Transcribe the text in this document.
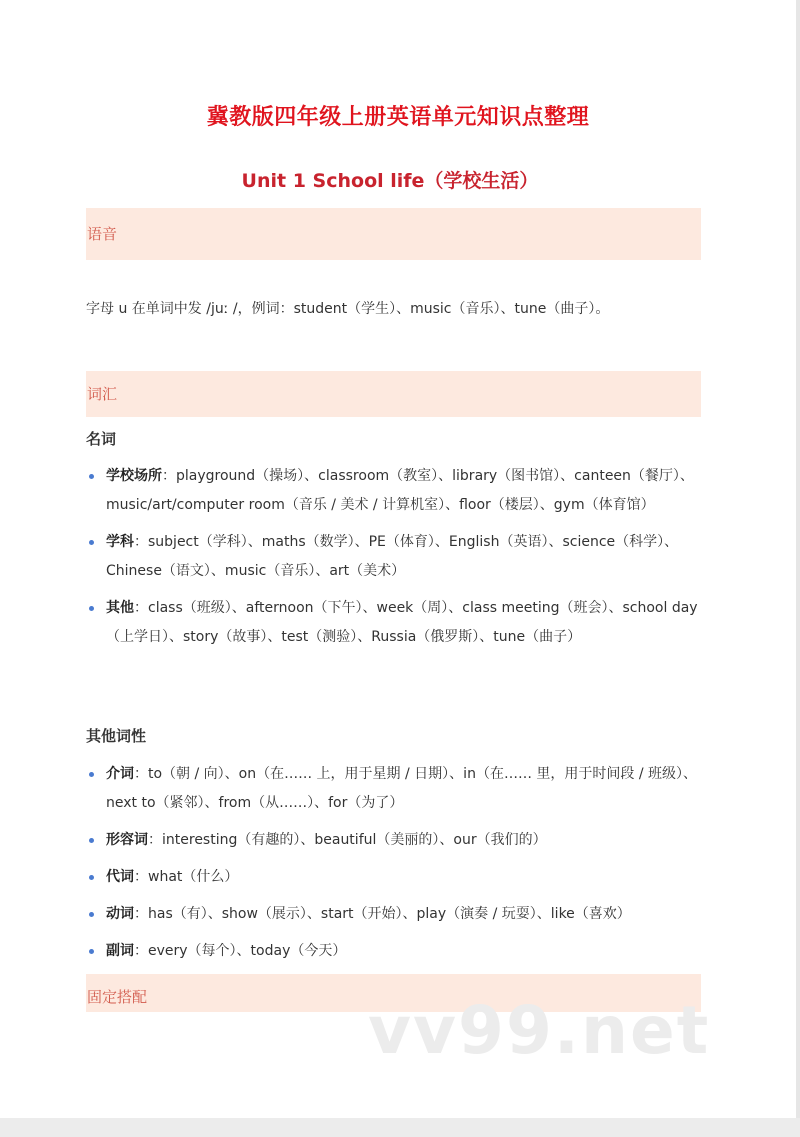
冀教版四年级上册英语单元知识点整理
Unit 1 School life（学校生活）
语音
字母 u 在单词中发 /juː /，例词：student（学生）、music（音乐）、tune（曲子）。
词汇
名词
学校场所：playground（操场）、classroom（教室）、library（图书馆）、canteen（餐厅）、music/art/computer room（音乐 / 美术 / 计算机室）、floor（楼层）、gym（体育馆）
学科：subject（学科）、maths（数学）、PE（体育）、English（英语）、science（科学）、Chinese（语文）、music（音乐）、art（美术）
其他：class（班级）、afternoon（下午）、week（周）、class meeting（班会）、school day（上学日）、story（故事）、test（测验）、Russia（俄罗斯）、tune（曲子）
其他词性
介词：to（朝 / 向）、on（在…… 上，用于星期 / 日期）、in（在…… 里，用于时间段 / 班级）、next to（紧邻）、from（从……）、for（为了）
形容词：interesting（有趣的）、beautiful（美丽的）、our（我们的）
代词：what（什么）
动词：has（有）、show（展示）、start（开始）、play（演奏 / 玩耍）、like（喜欢）
副词：every（每个）、today（今天）
固定搭配	vv99.net
